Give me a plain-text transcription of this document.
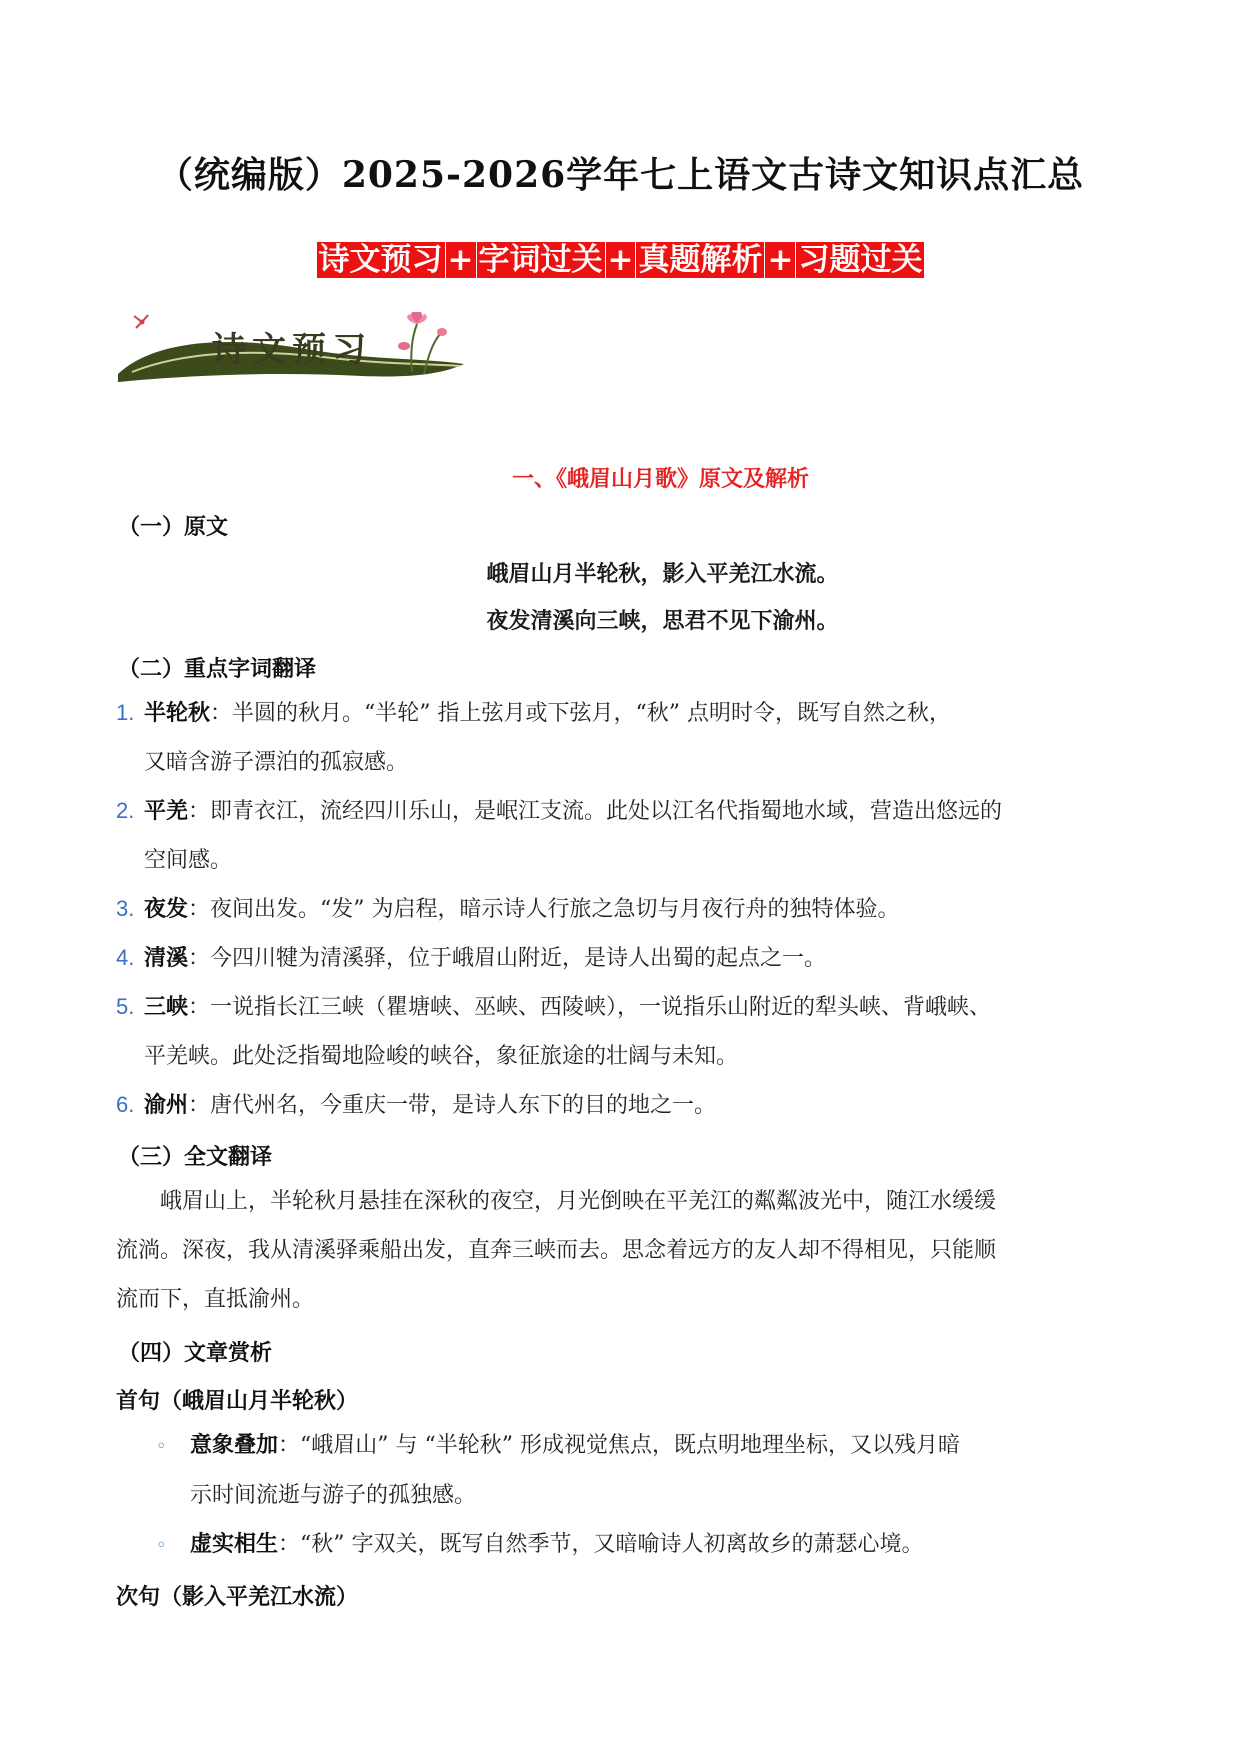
（统编版）2025-2026学年七上语文古诗文知识点汇总
诗文预习 + 字词过关 + 真题解析 + 习题过关
诗文预习
一、《峨眉山月歌》原文及解析
（一）原文
峨眉山月半轮秋，影入平羌江水流。
夜发清溪向三峡，思君不见下渝州。
（二）重点字词翻译
1. 半轮秋：半圆的秋月。“半轮” 指上弦月或下弦月，“秋” 点明时令，既写自然之秋，
又暗含游子漂泊的孤寂感。
2. 平羌：即青衣江，流经四川乐山，是岷江支流。此处以江名代指蜀地水域，营造出悠远的
空间感。
3. 夜发：夜间出发。“发” 为启程，暗示诗人行旅之急切与月夜行舟的独特体验。
4. 清溪：今四川犍为清溪驿，位于峨眉山附近，是诗人出蜀的起点之一。
5. 三峡：一说指长江三峡（瞿塘峡、巫峡、西陵峡），一说指乐山附近的犁头峡、背峨峡、
平羌峡。此处泛指蜀地险峻的峡谷，象征旅途的壮阔与未知。
6. 渝州：唐代州名，今重庆一带，是诗人东下的目的地之一。
（三）全文翻译
峨眉山上，半轮秋月悬挂在深秋的夜空，月光倒映在平羌江的粼粼波光中，随江水缓缓
流淌。深夜，我从清溪驿乘船出发，直奔三峡而去。思念着远方的友人却不得相见，只能顺
流而下，直抵渝州。
（四）文章赏析
首句（峨眉山月半轮秋）
◦ 意象叠加：“峨眉山” 与 “半轮秋” 形成视觉焦点，既点明地理坐标，又以残月暗
示时间流逝与游子的孤独感。
◦ 虚实相生：“秋” 字双关，既写自然季节，又暗喻诗人初离故乡的萧瑟心境。
次句（影入平羌江水流）
